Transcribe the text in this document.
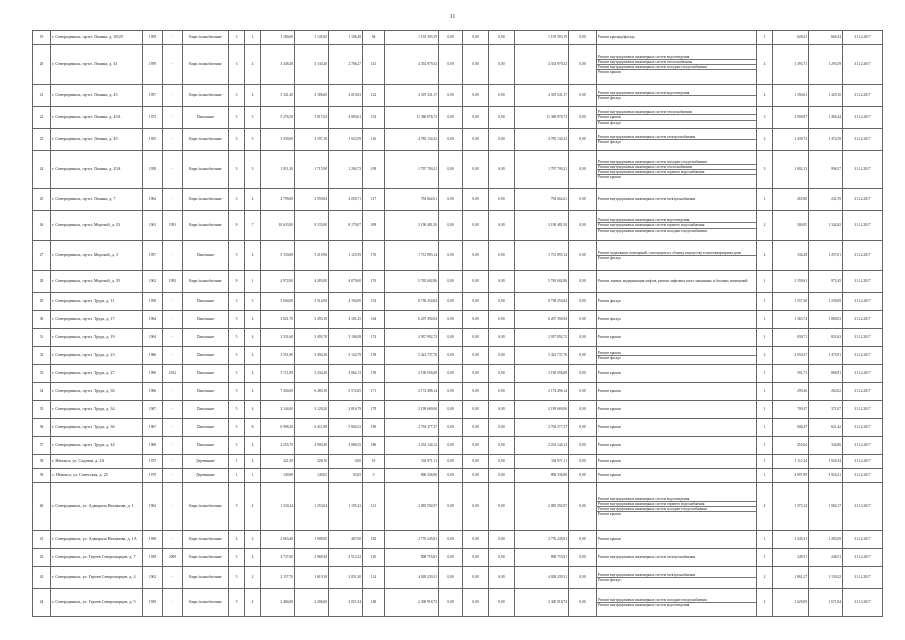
11
19	г. Северодвинск, пр-кт. Ленина, д. 39/25	1959	-	Кирп./шлакоблочные	3	2	1 180,60	1 145,60	1 106,49	94	1 193 393,19	0,00	0,00	0,00	1 193 393,19	0,00	Ремонт крыльца/фасада	1	628,41	666,54	31.12.2017
20	г. Северодвинск, пр-кт. Ленина, д. 41	1959	-	Кирп./шлакоблочные	3	4	3 438,40	3 130,20	2 706,27	141	4 354 979,32	0,00	0,00	0,00	4 354 979,32	0,00	Ремонт внутридомовых инженерных систем водоотведения
Ремонт внутридомовых инженерных систем теплоснабжения
Ремонт внутридомовых инженерных систем холодного водоснабжения
Ремонт крыши	4	1 393,71	1 293,59	31.12.2017
21	г. Северодвинск, пр-кт. Ленина, д. 43	1957	-	Кирп./шлакоблочные	3	4	3 341,20	3 186,60	2 010,63	122	4 319 541,17	0,00	0,00	0,00	4 319 541,17	0,00	Ремонт внутридомовых инженерных систем водоотведения
Ремонт фасада	2	1 394,61	1 429,10	31.12.2017
22	г. Северодвинск, пр-кт. Ленина, д. 43А	1973	-	Панельные	5	5	5 276,50	5 817,04	4 083,61	154	11 386 876,72	0,00	0,00	0,00	11 386 876,72	0,00	Ремонт внутридомовых инженерных систем теплоснабжения
Ремонт крыши
Ремонт фасада	3	2 000,97	1 494,44	31.12.2017
23	г. Северодвинск, пр-кт. Ленина, д. 45	1955	-	Кирп./шлакоблочные	3	5	3 339,00	3 197,10	1 023,59	116	4 785 134,32	0,00	0,00	0,00	4 785 134,32	0,00	Ремонт внутридомовых инженерных систем электроснабжения
Ремонт фасада	2	1 439,72	1 474,59	31.12.2017
24	г. Северодвинск, пр-кт. Ленина, д. 25А	1958	-	Кирп./шлакоблочные	3	3	1 811,30	1 715,90	1 204,73	109	1 797 700,21	0,00	0,00	0,00	1 797 700,21	0,00	Ремонт внутридомовых инженерных систем холодного водоснабжения
Ремонт внутридомовых инженерных систем теплоснабжения
Ремонт внутридомовых инженерных систем горячего водоснабжения
Ремонт крыши	3	1 002,13	996,57	31.12.2017
25	г. Северодвинск, пр-кт. Ленина, д. 7	1962	-	Кирп./шлакоблочные	3	2	2 799,00	2 959,84	2 050,71	117	794 662,61	0,00	0,00	0,00	794 662,61	0,00	Ремонт внутридомовых инженерных систем электроснабжения	1	265,80	241,59	31.12.2017
26	г. Северодвинск, пр-кт. Морской, д. 23	1961	1991	Кирп./шлакоблочные	9	7	10 633,00	9 535,00	8 179,07	309	3 190 481,50	0,00	0,00	0,00	3 190 481,50	0,00	Ремонт внутридомовых инженерных систем водоотведения
Ремонт внутридомовых инженерных систем горячего водоснабжения
Ремонт внутридомовых инженерных систем холодного водоснабжения	2	300,05	1 342,65	31.12.2017
27	г. Северодвинск, пр-кт. Морской, д. 3	1957	-	Панельные	5	4	5 150,00	5 219,96	1 125,59	176	1 731 893,14	0,00	0,00	0,00	1 731 893,14	0,00	Ремонт подвальных помещений, относящихся к общему имуществу в многоквартирном доме
Ремонт фасада	2	336,28	1 257,01	31.12.2017
28	г. Северодвинск, пр-кт. Морской, д. 35	1962	1992	Кирп./шлакоблочные	9	1	4 972,00	4 283,00	4 079,00	176	5 765 602,86	0,00	0,00	0,00	5 765 602,86	0,00	Ремонт, замена, модернизация лифтов, ремонт лифтовых шахт, машинных и блочных помещений	1	1 159,61	973,45	31.12.2017
29	г. Северодвинск, пр-кт. Труда, д. 11	1958	-	Панельные	3	5	5 604,00	5 514,00	4 194,00	154	8 738 254,84	0,00	0,00	0,00	8 738 254,84	0,00	Ремонт фасада	1	1 557,30	1 239,09	31.12.2017
30	г. Северодвинск, пр-кт. Труда, д. 17	1964	-	Панельные	5	4	3 821,70	3 493,10	3 101,25	164	6 207 394,94	0,00	0,00	0,00	6 207 394,94	0,00	Ремонт фасада	1	1 363,74	1 868,03	31.12.2017
31	г. Северодвинск, пр-кт. Труда, д. 19	1964	-	Панельные	5	4	3 531,60	3 493,70	3 106,58	174	2 937 892,72	0,00	0,00	0,00	2 937 892,72	0,00	Ремонт крыши	1	830,71	821,63	31.12.2017
32	г. Северодвинск, пр-кт. Труда, д. 23	1966	-	Панельные	5	4	3 551,80	3 494,30	3 124,79	159	5 422 737,76	0,00	0,00	0,00	5 422 737,76	0,00	Ремонт крыши
Ремонт фасада	2	2 050,27	1 475,91	31.12.2017
33	г. Северодвинск, пр-кт. Труда, д. 27	1990	2012	Панельные	5	4	3 711,89	3 434,20	3 062,13	159	2 196 056,08	0,00	0,00	0,00	2 196 056,08	0,00	Ремонт крыши	1	591,71	868,91	31.12.2017
34	г. Северодвинск, пр-кт. Труда, д. 30	1966	-	Панельные	5	4	7 204,00	6 280,10	5 572,65	171	2 174 496,14	0,00	0,00	0,00	2 174 496,14	0,00	Ремонт крыши	1	299,26	262,62	31.12.2017
35	г. Северодвинск, пр-кт. Труда, д. 34	1967	-	Панельные	5	4	3 144,00	3 128,20	2 816,79	178	2 199 669,06	0,00	0,00	0,00	2 199 669,06	0,00	Ремонт крыши	1	709,47	371,07	31.12.2017
36	г. Северодвинск, пр-кт. Труда, д. 36	1967	-	Панельные	5	8	6 998,20	6 411,90	5 804,52	190	2 794 377,37	0,00	0,00	0,00	2 794 377,37	0,00	Ремонт крыши	1	606,47	621,42	31.12.2017
37	г. Северодвинск, пр-кт. Труда, д. 44	1968	-	Панельные	5	4	2 255,70	4 900,30	3 086,55	186	2 234 144,12	0,00	0,00	0,00	2 234 144,12	0,00	Ремонт крыши	1	455,64	344,06	31.12.2017
38	г. Нёнокса, ул. Садовая, д. 2А	1975	-	Деревянные	1	4	321,59	328,10	0,00	19	334 971,11	0,00	0,00	0,00	334 971,11	0,00	Ремонт крыши	1	1 111,24	1 020,34	31.12.2017
39	с. Нёнокса, ул. Советская, д. 25	1979	-	Деревянные	1	1	149,80	149,65	93,65	5	896 336,90	0,00	0,00	0,00	896 336,90	0,00	Ремонт крыши	1	4 097,99	3 924,41	31.12.2017
40	г. Северодвинск, ул. Адмирала Нахимова, д. 1	1962	-	Кирп./шлакоблочные	5	4	1 530,24	1 253,04	1 195,23	121	2 085 592,97	0,00	0,00	0,00	2 085 592,97	0,00	Ремонт внутридомовых инженерных систем водоотведения
Ремонт внутридомовых инженерных систем горячего водоснабжения
Ремонт внутридомовых инженерных систем холодного водоснабжения
Ремонт крыши	4	1 373,12	1 584,17	31.12.2017
41	г. Северодвинск, ул. Адмирала Нахимова, д. 1А	1958	-	Кирп./шлакоблочные	4	2	2 063,40	1 908,00	487,00	182	2 776 245,81	0,00	0,00	0,00	2 776 245,81	0,00	Ремонт крыши	1	1 345,31	1 285,09	31.12.2017
42	г. Северодвинск, ул. Героев Североморцев, д. 7	1939	2009	Кирп./шлакоблочные	5	4	4 737,00	2 968,30	2 512,32	145	808 755,81	0,00	0,00	0,00	808 755,81	0,00	Ремонт внутридомовых инженерных систем электроснабжения	1	249,31	248,51	31.12.2017
43	г. Северодвинск, ул. Героев Североморцев, д. 4	1962	-	Кирп./шлакоблочные	5	2	2 157,70	1 619,30	2 051,20	114	4 028 239,31	0,00	0,00	0,00	4 028 239,31	0,00	Ремонт внутридомовых инженерных систем электроснабжения
Ремонт фасада	2	1 861,27	1 139,22	31.12.2017
44	г. Северодвинск, ул. Героев Североморцев, д. 5	1939	-	Кирп./шлакоблочные	5	4	2 484,00	2 206,00	2 051,54	148	2 300 918,73	0,00	0,00	0,00	2 300 918,73	0,00	Ремонт внутридомовых инженерных систем холодного водоснабжения
Ремонт внутридомовых инженерных систем водоотведения	2	1 629,09	1 671,84	31.12.2017
